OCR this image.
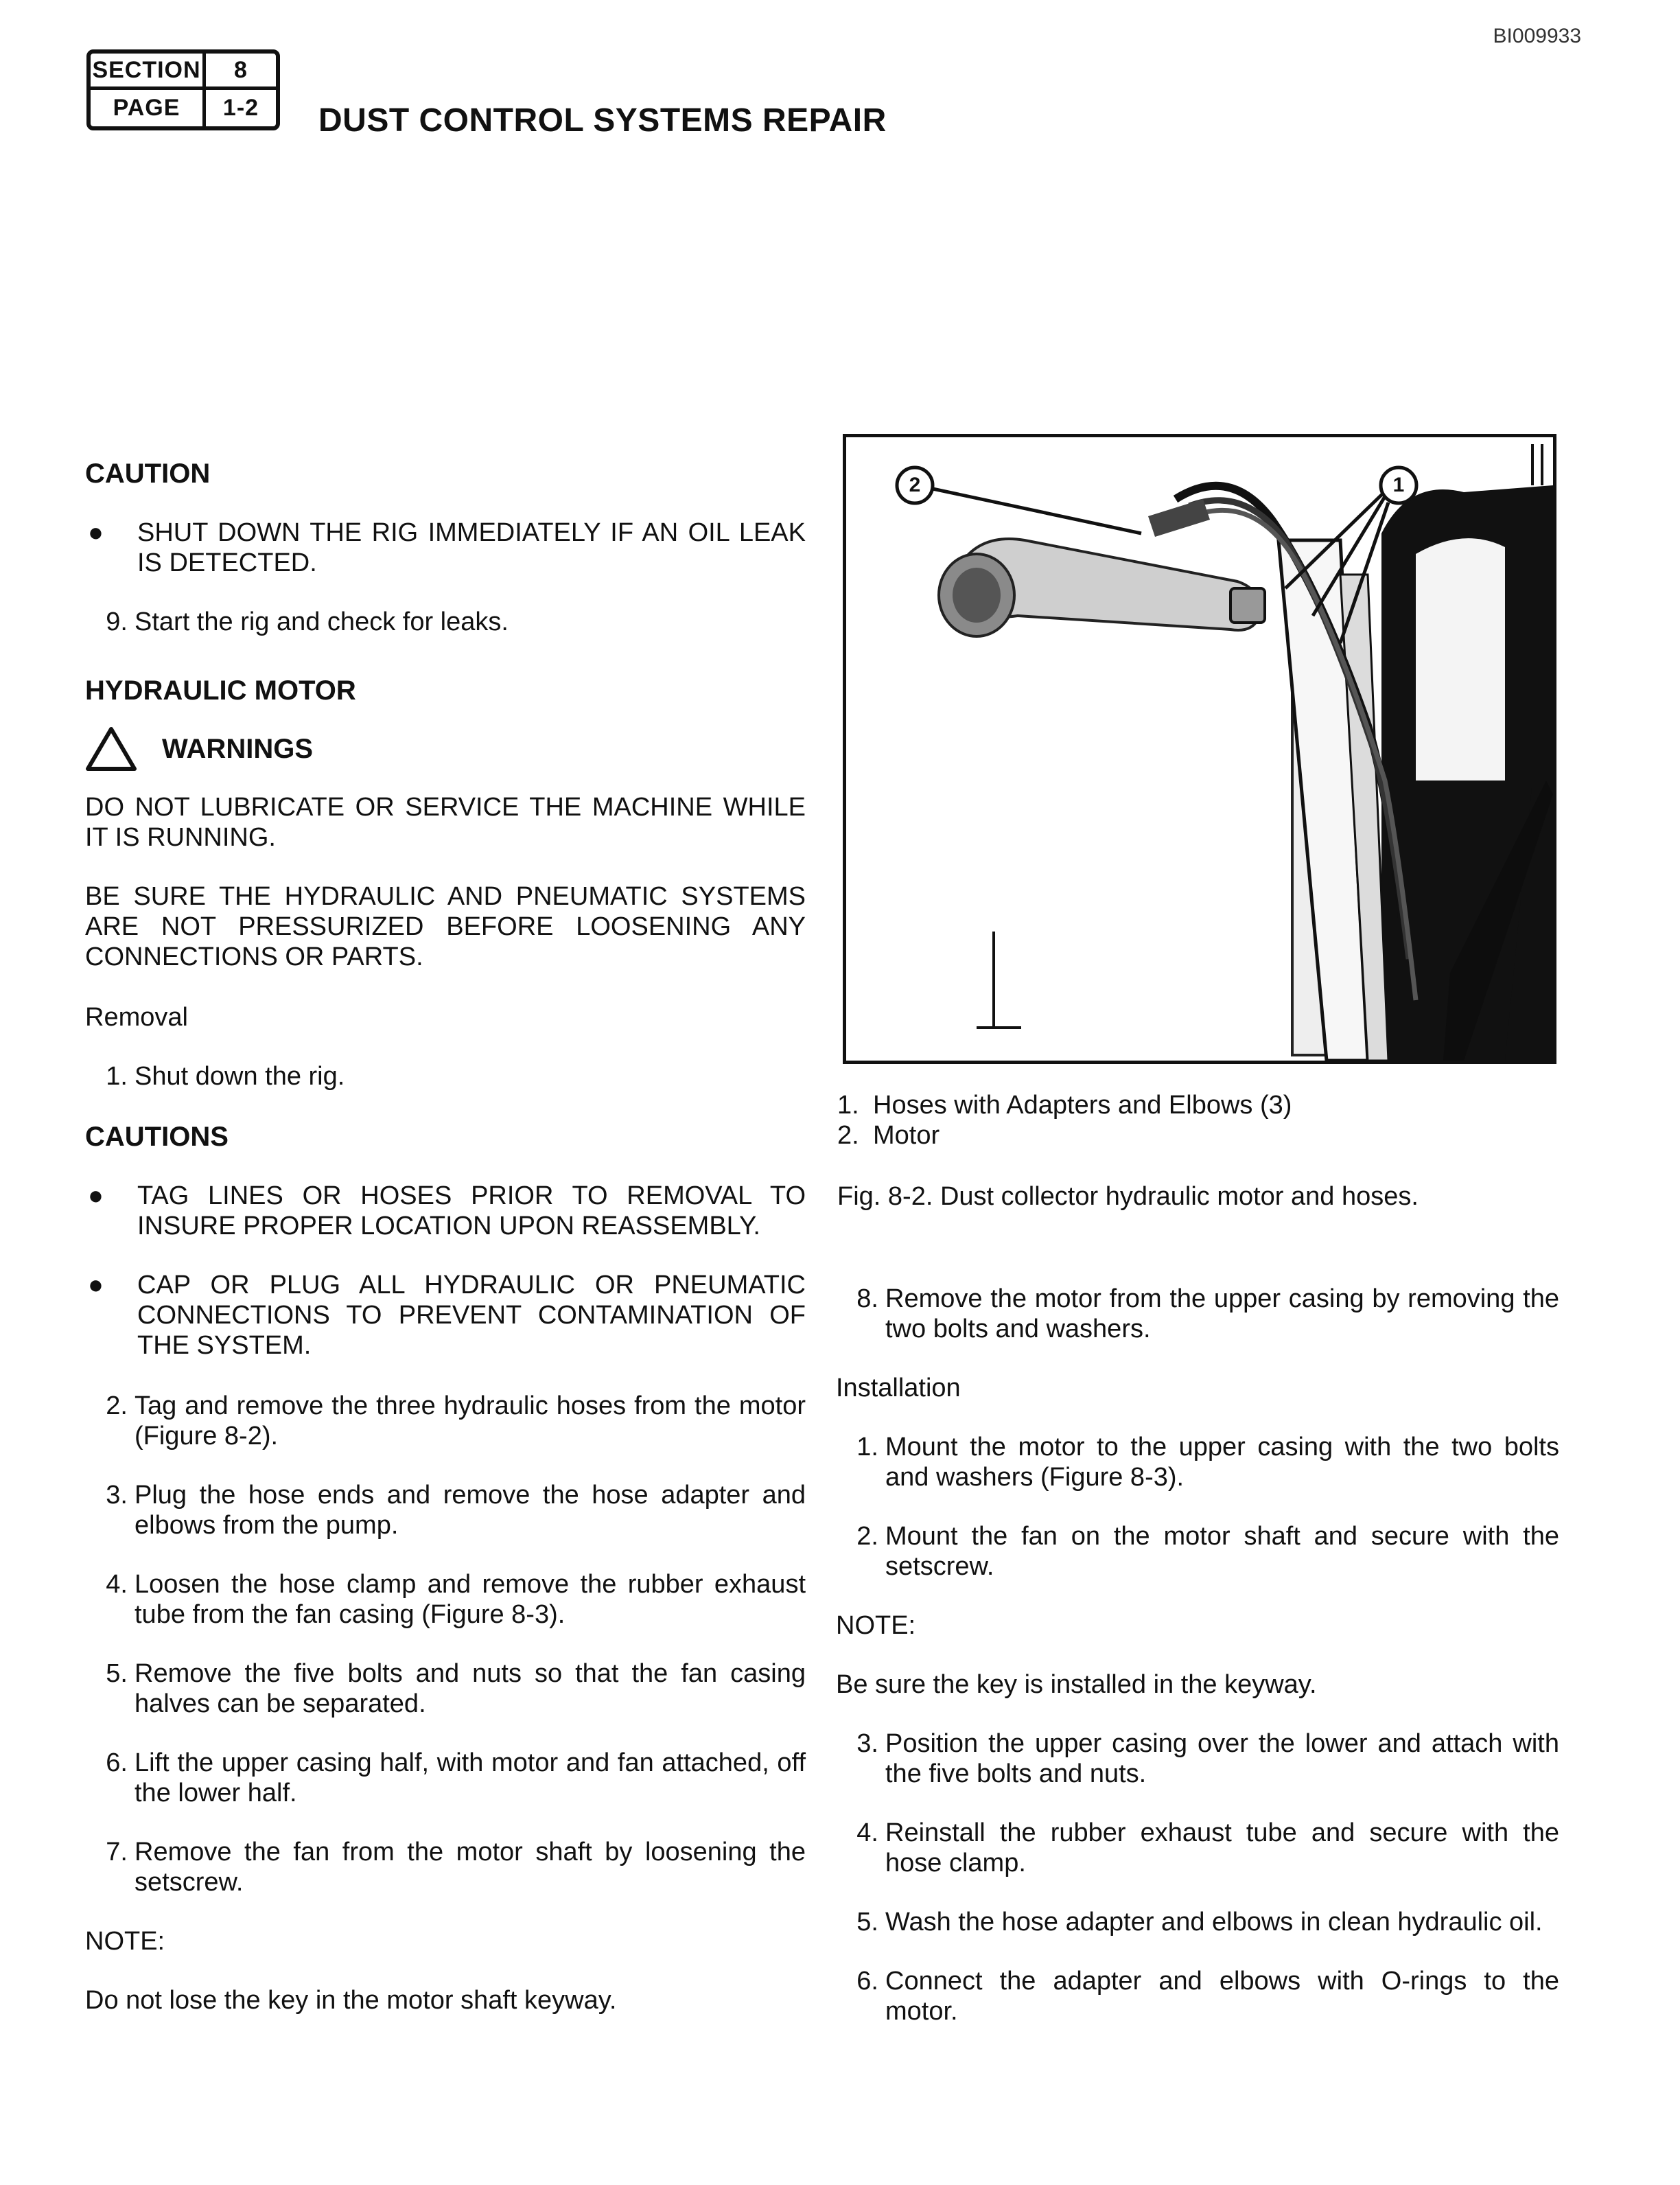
BI009933
SECTION	8
PAGE	1-2	DUST CONTROL SYSTEMS REPAIR

CAUTION

●	SHUT DOWN THE RIG IMMEDIATELY IF AN OIL LEAK IS DETECTED.
9. Start the rig and check for leaks.

HYDRAULIC MOTOR

WARNINGS

DO NOT LUBRICATE OR SERVICE THE MACHINE WHILE IT IS RUNNING.

BE SURE THE HYDRAULIC AND PNEUMATIC SYSTEMS ARE NOT PRESSURIZED BEFORE LOOSENING ANY CONNECTIONS OR PARTS.

Removal

1. Shut down the rig.

CAUTIONS

●	TAG LINES OR HOSES PRIOR TO REMOVAL TO INSURE PROPER LOCATION UPON REASSEMBLY.
●	CAP OR PLUG ALL HYDRAULIC OR PNEUMATIC CONNECTIONS TO PREVENT CONTAMINATION OF THE SYSTEM.
2. Tag and remove the three hydraulic hoses from the motor (Figure 8-2).
3. Plug the hose ends and remove the hose adapter and elbows from the pump.
4. Loosen the hose clamp and remove the rubber exhaust tube from the fan casing (Figure 8-3).
5. Remove the five bolts and nuts so that the fan casing halves can be separated.
6. Lift the upper casing half, with motor and fan attached, off the lower half.
7. Remove the fan from the motor shaft by loosening the setscrew.

NOTE:

Do not lose the key in the motor shaft keyway.

2	1
1. Hoses with Adapters and Elbows (3)
2. Motor
Fig. 8-2. Dust collector hydraulic motor and hoses.
8. Remove the motor from the upper casing by removing the two bolts and washers.

Installation

1. Mount the motor to the upper casing with the two bolts and washers (Figure 8-3).
2. Mount the fan on the motor shaft and secure with the setscrew.

NOTE:

Be sure the key is installed in the keyway.

3. Position the upper casing over the lower and attach with the five bolts and nuts.
4. Reinstall the rubber exhaust tube and secure with the hose clamp.
5. Wash the hose adapter and elbows in clean hydraulic oil.
6. Connect the adapter and elbows with O-rings to the motor.
